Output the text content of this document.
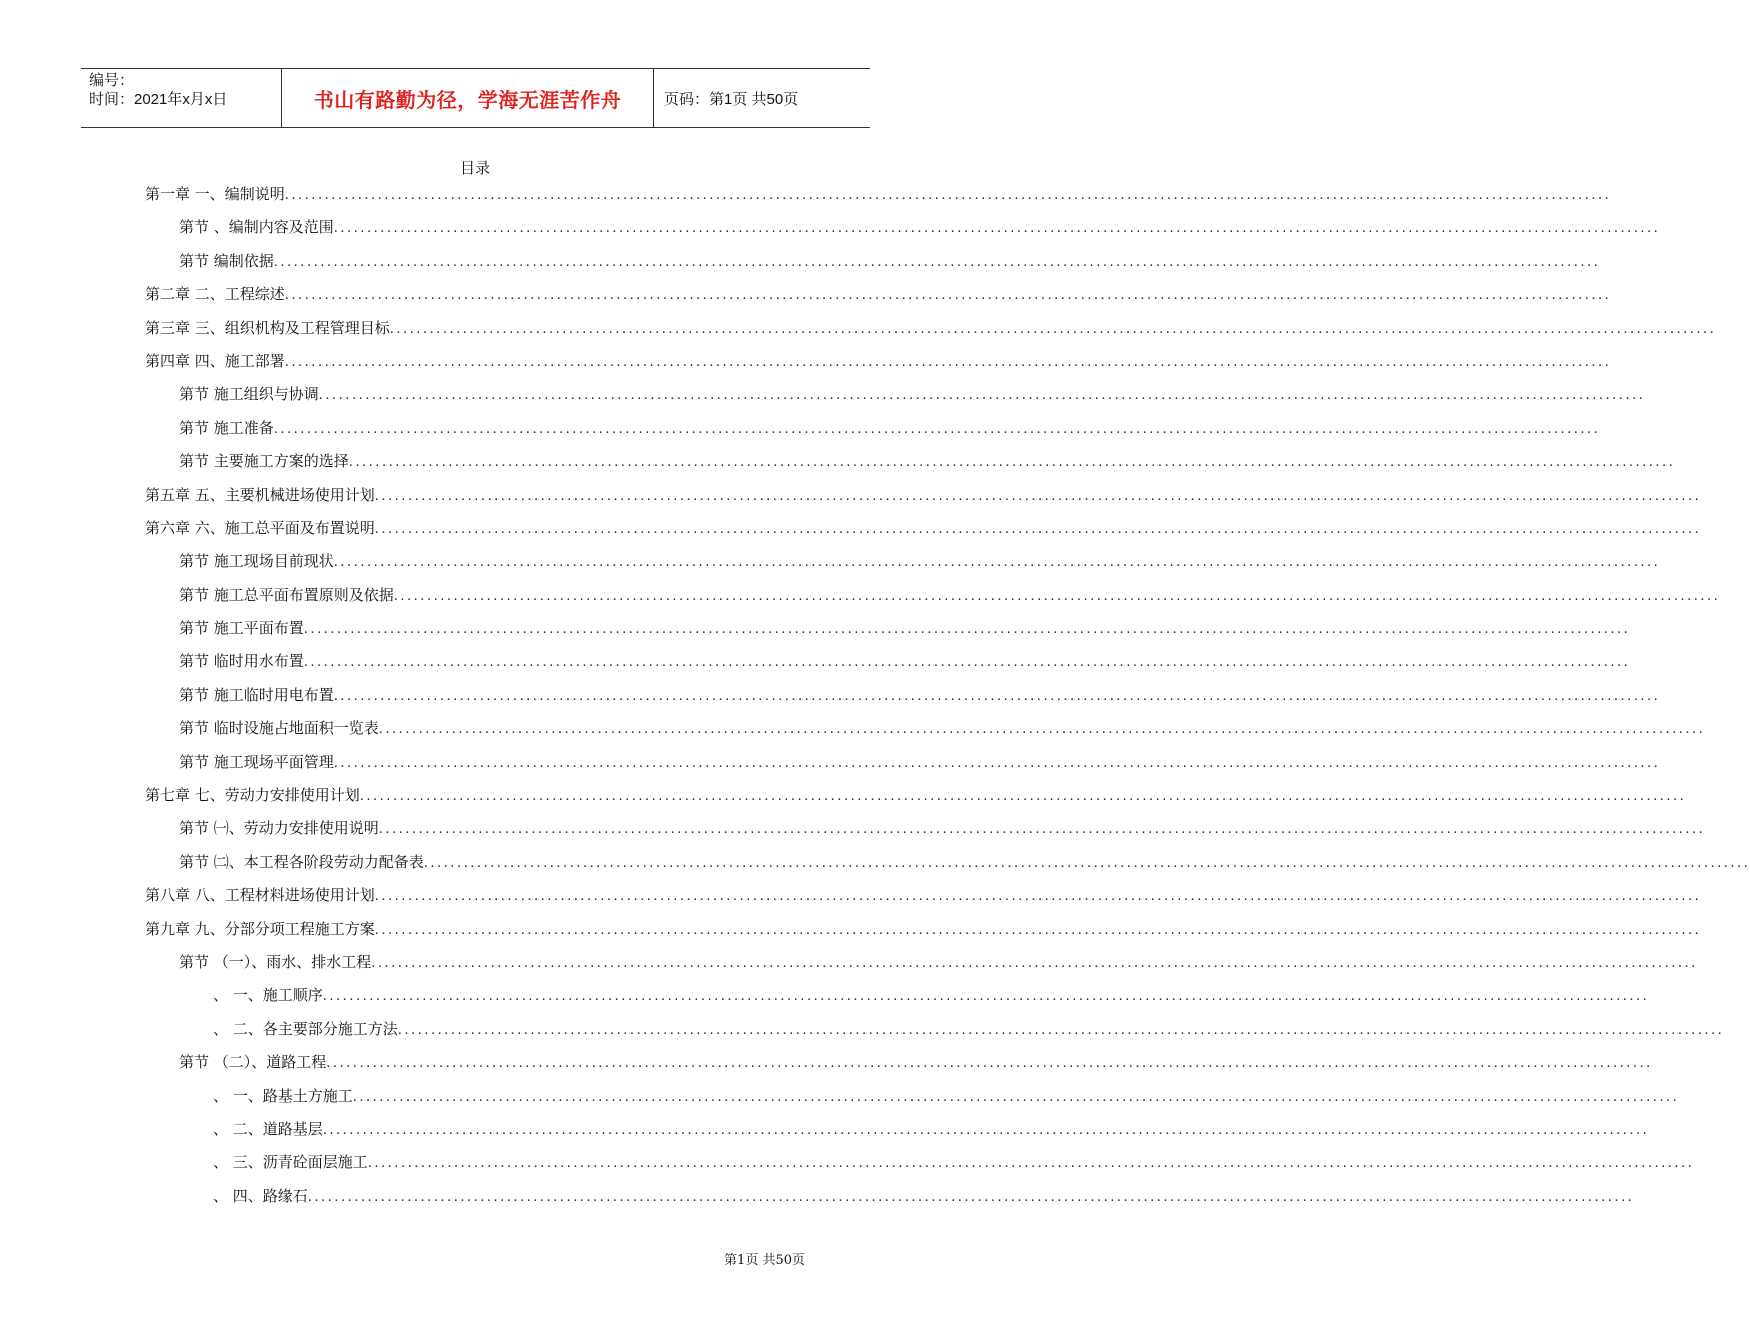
编号：
时间：2021年x月x日	书山有路勤为径，学海无涯苦作舟	页码：第1页 共50页
目录
第一章 一、编制说明 ........................................................................................................................................................................................................
第节 、编制内容及范围 ........................................................................................................................................................................................................
第节 编制依据 ........................................................................................................................................................................................................
第二章 二、工程综述 ........................................................................................................................................................................................................
第三章 三、组织机构及工程管理目标 ........................................................................................................................................................................................................
第四章 四、施工部署 ........................................................................................................................................................................................................
第节 施工组织与协调 ........................................................................................................................................................................................................
第节 施工准备 ........................................................................................................................................................................................................
第节 主要施工方案的选择 ........................................................................................................................................................................................................
第五章 五、主要机械进场使用计划 ........................................................................................................................................................................................................
第六章 六、施工总平面及布置说明 ........................................................................................................................................................................................................
第节 施工现场目前现状 ........................................................................................................................................................................................................
第节 施工总平面布置原则及依据 ........................................................................................................................................................................................................
第节 施工平面布置 ........................................................................................................................................................................................................
第节 临时用水布置 ........................................................................................................................................................................................................
第节 施工临时用电布置 ........................................................................................................................................................................................................
第节 临时设施占地面积一览表 ........................................................................................................................................................................................................
第节 施工现场平面管理 ........................................................................................................................................................................................................
第七章 七、劳动力安排使用计划 ........................................................................................................................................................................................................
第节 ㈠、劳动力安排使用说明 ........................................................................................................................................................................................................
第节 ㈡、本工程各阶段劳动力配备表 ........................................................................................................................................................................................................
第八章 八、工程材料进场使用计划 ........................................................................................................................................................................................................
第九章 九、分部分项工程施工方案 ........................................................................................................................................................................................................
第节 （一）、雨水、排水工程 ........................................................................................................................................................................................................
、 一、施工顺序 ........................................................................................................................................................................................................
、 二、各主要部分施工方法 ........................................................................................................................................................................................................
第节 （二）、道路工程 ........................................................................................................................................................................................................
、 一、路基土方施工 ........................................................................................................................................................................................................
、 二、道路基层 ........................................................................................................................................................................................................
、 三、沥青砼面层施工 ........................................................................................................................................................................................................
、 四、路缘石 ........................................................................................................................................................................................................
第1页 共50页
